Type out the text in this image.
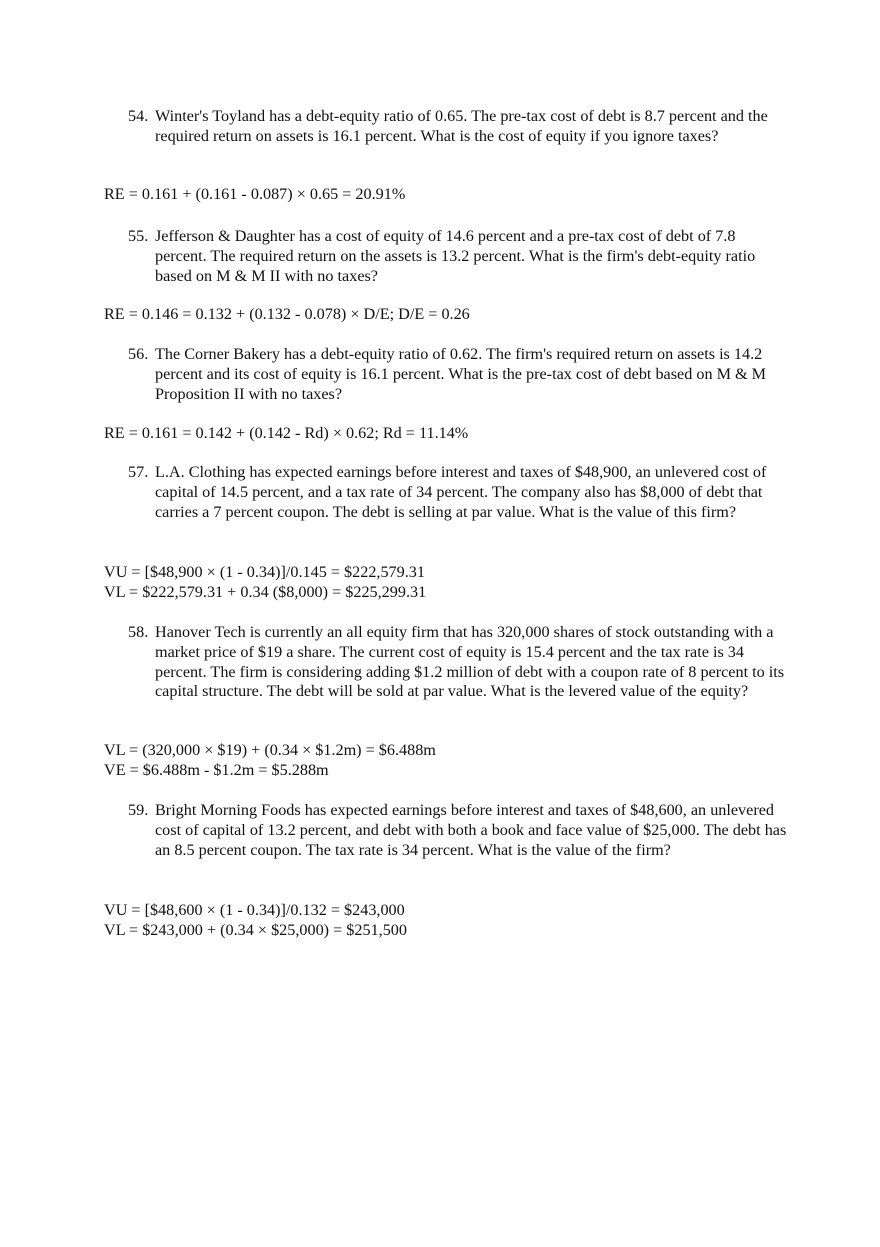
54. Winter's Toyland has a debt-equity ratio of 0.65. The pre-tax cost of debt is 8.7 percent and the required return on assets is 16.1 percent. What is the cost of equity if you ignore taxes?
RE = 0.161 + (0.161 - 0.087) × 0.65 = 20.91%
55. Jefferson & Daughter has a cost of equity of 14.6 percent and a pre-tax cost of debt of 7.8 percent. The required return on the assets is 13.2 percent. What is the firm's debt-equity ratio based on M & M II with no taxes?
RE = 0.146 = 0.132 + (0.132 - 0.078) × D/E; D/E = 0.26
56. The Corner Bakery has a debt-equity ratio of 0.62. The firm's required return on assets is 14.2 percent and its cost of equity is 16.1 percent. What is the pre-tax cost of debt based on M & M Proposition II with no taxes?
RE = 0.161 = 0.142 + (0.142 - Rd) × 0.62; Rd = 11.14%
57. L.A. Clothing has expected earnings before interest and taxes of $48,900, an unlevered cost of capital of 14.5 percent, and a tax rate of 34 percent. The company also has $8,000 of debt that carries a 7 percent coupon. The debt is selling at par value. What is the value of this firm?
VU = [$48,900 × (1 - 0.34)]/0.145 = $222,579.31
VL = $222,579.31 + 0.34 ($8,000) = $225,299.31
58. Hanover Tech is currently an all equity firm that has 320,000 shares of stock outstanding with a market price of $19 a share. The current cost of equity is 15.4 percent and the tax rate is 34 percent. The firm is considering adding $1.2 million of debt with a coupon rate of 8 percent to its capital structure. The debt will be sold at par value. What is the levered value of the equity?
VL = (320,000 × $19) + (0.34 × $1.2m) = $6.488m
VE = $6.488m - $1.2m = $5.288m
59. Bright Morning Foods has expected earnings before interest and taxes of $48,600, an unlevered cost of capital of 13.2 percent, and debt with both a book and face value of $25,000. The debt has an 8.5 percent coupon. The tax rate is 34 percent. What is the value of the firm?
VU = [$48,600 × (1 - 0.34)]/0.132 = $243,000
VL = $243,000 + (0.34 × $25,000) = $251,500
